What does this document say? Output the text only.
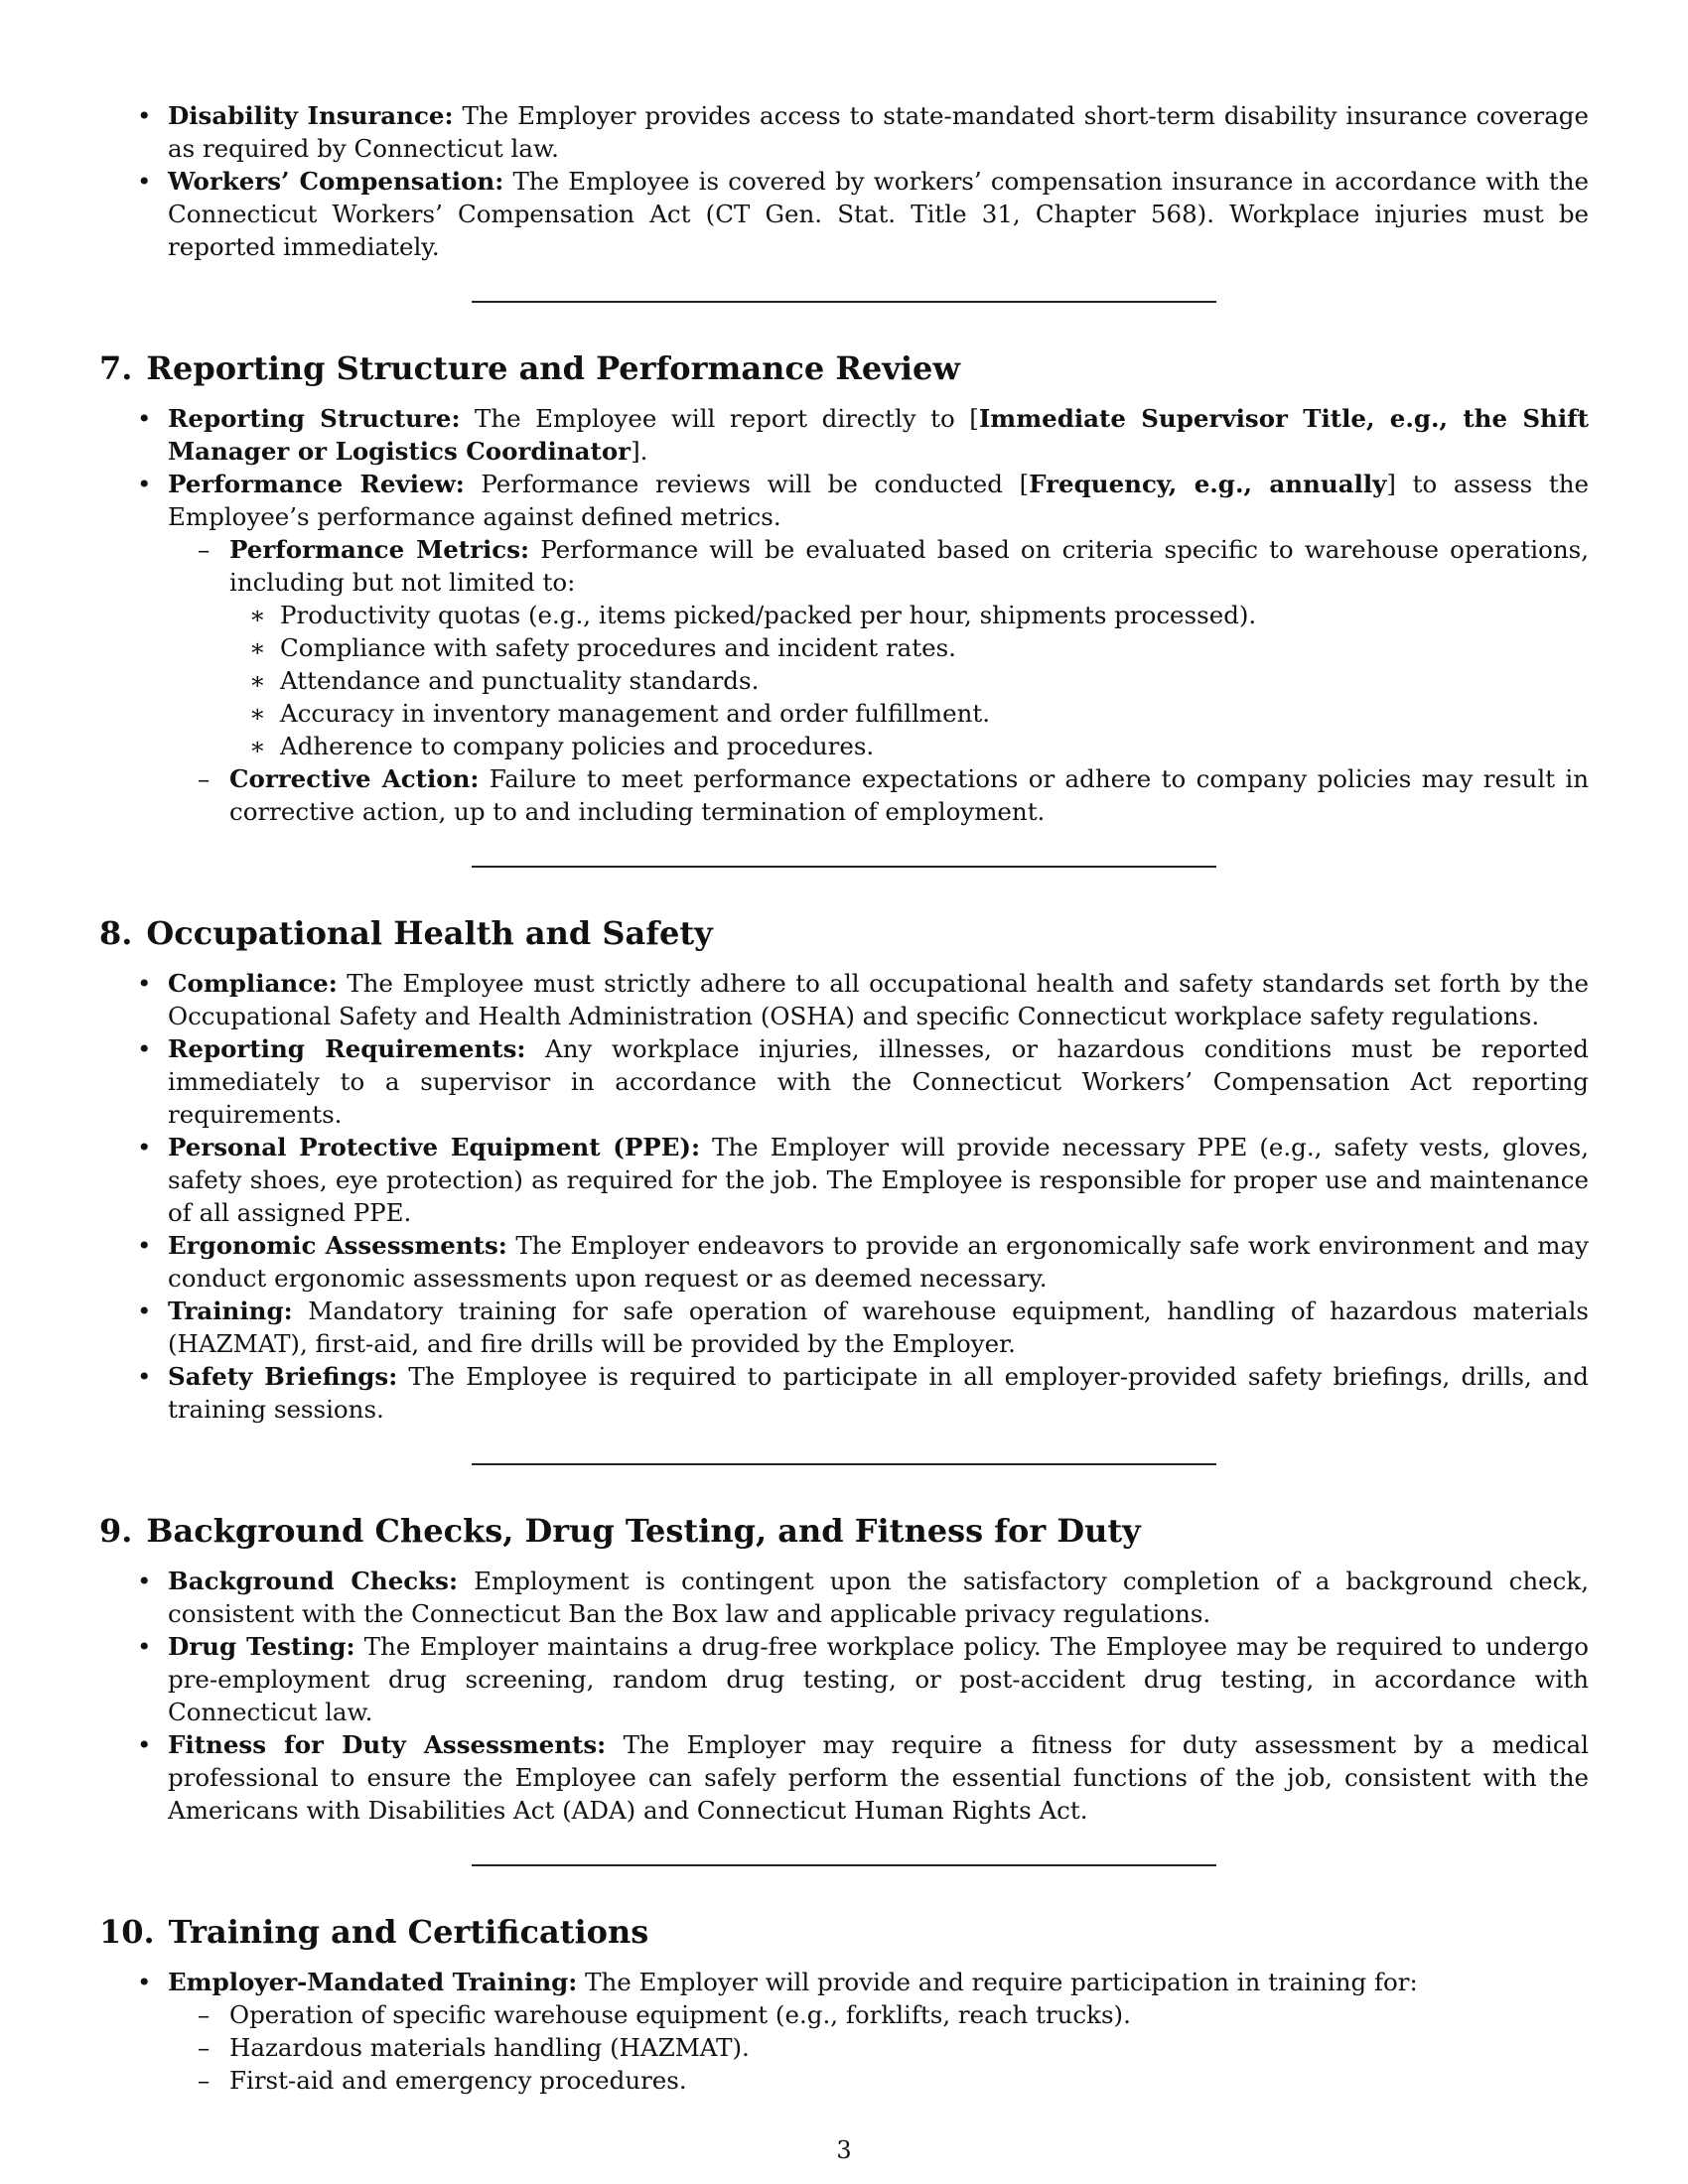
• Disability Insurance: The Employer provides access to state-mandated short-term disability insurance coverage as required by Connecticut law.
• Workers’ Compensation: The Employee is covered by workers’ compensation insurance in accordance with the Connecticut Workers’ Compensation Act (CT Gen. Stat. Title 31, Chapter 568). Workplace injuries must be reported immediately.
7. Reporting Structure and Performance Review
• Reporting Structure: The Employee will report directly to [Immediate Supervisor Title, e.g., the Shift Manager or Logistics Coordinator].
• Performance Review: Performance reviews will be conducted [Frequency, e.g., annually] to assess the Employee’s performance against defined metrics.
– Performance Metrics: Performance will be evaluated based on criteria specific to warehouse operations, including but not limited to:
∗ Productivity quotas (e.g., items picked/packed per hour, shipments processed).
∗ Compliance with safety procedures and incident rates.
∗ Attendance and punctuality standards.
∗ Accuracy in inventory management and order fulfillment.
∗ Adherence to company policies and procedures.
– Corrective Action: Failure to meet performance expectations or adhere to company policies may result in corrective action, up to and including termination of employment.
8. Occupational Health and Safety
• Compliance: The Employee must strictly adhere to all occupational health and safety standards set forth by the Occupational Safety and Health Administration (OSHA) and specific Connecticut workplace safety regulations.
• Reporting Requirements: Any workplace injuries, illnesses, or hazardous conditions must be reported immediately to a supervisor in accordance with the Connecticut Workers’ Compensation Act reporting requirements.
• Personal Protective Equipment (PPE): The Employer will provide necessary PPE (e.g., safety vests, gloves, safety shoes, eye protection) as required for the job. The Employee is responsible for proper use and maintenance of all assigned PPE.
• Ergonomic Assessments: The Employer endeavors to provide an ergonomically safe work environment and may conduct ergonomic assessments upon request or as deemed necessary.
• Training: Mandatory training for safe operation of warehouse equipment, handling of hazardous materials (HAZMAT), first-aid, and fire drills will be provided by the Employer.
• Safety Briefings: The Employee is required to participate in all employer-provided safety briefings, drills, and training sessions.
9. Background Checks, Drug Testing, and Fitness for Duty
• Background Checks: Employment is contingent upon the satisfactory completion of a background check, consistent with the Connecticut Ban the Box law and applicable privacy regulations.
• Drug Testing: The Employer maintains a drug-free workplace policy. The Employee may be required to undergo pre-employment drug screening, random drug testing, or post-accident drug testing, in accordance with Connecticut law.
• Fitness for Duty Assessments: The Employer may require a fitness for duty assessment by a medical professional to ensure the Employee can safely perform the essential functions of the job, consistent with the Americans with Disabilities Act (ADA) and Connecticut Human Rights Act.
10. Training and Certifications
• Employer-Mandated Training: The Employer will provide and require participation in training for:
– Operation of specific warehouse equipment (e.g., forklifts, reach trucks).
– Hazardous materials handling (HAZMAT).
– First-aid and emergency procedures.
3
